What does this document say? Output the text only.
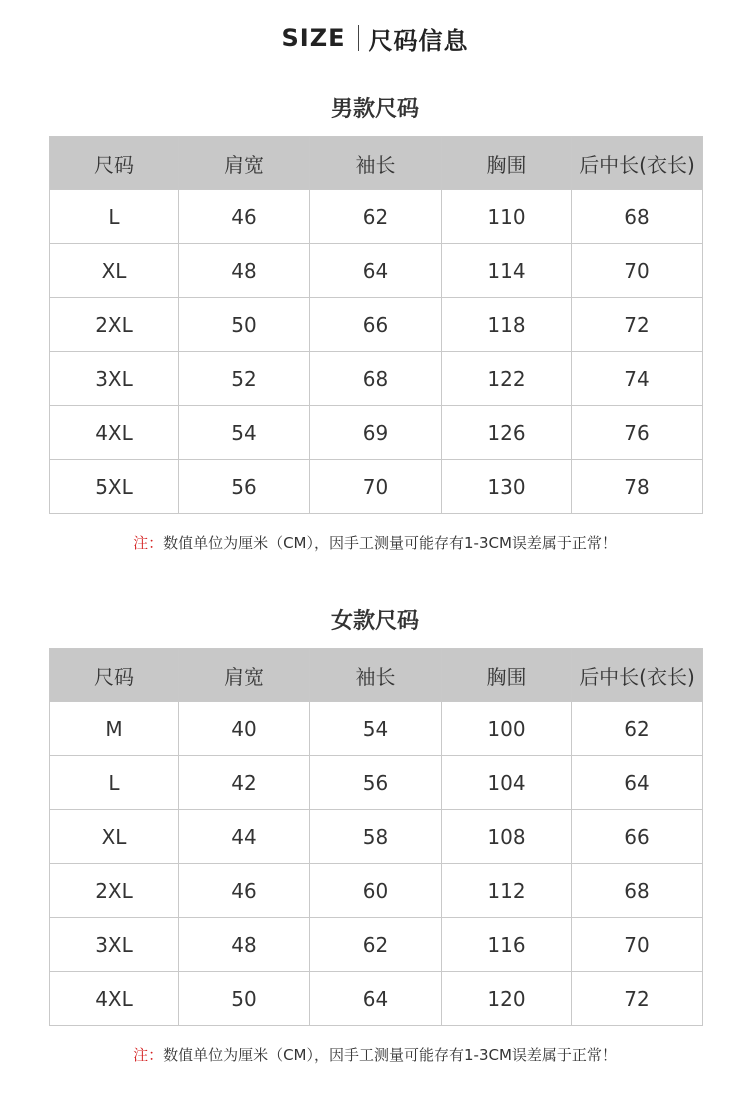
SIZE 尺码信息
男款尺码
尺码	肩宽	袖长	胸围	后中长(衣长)
L	46	62	110	68
XL	48	64	114	70
2XL	50	66	118	72
3XL	52	68	122	74
4XL	54	69	126	76
5XL	56	70	130	78
注：数值单位为厘米（CM），因手工测量可能存有1-3CM误差属于正常！
女款尺码
尺码	肩宽	袖长	胸围	后中长(衣长)
M	40	54	100	62
L	42	56	104	64
XL	44	58	108	66
2XL	46	60	112	68
3XL	48	62	116	70
4XL	50	64	120	72
注：数值单位为厘米（CM），因手工测量可能存有1-3CM误差属于正常！
